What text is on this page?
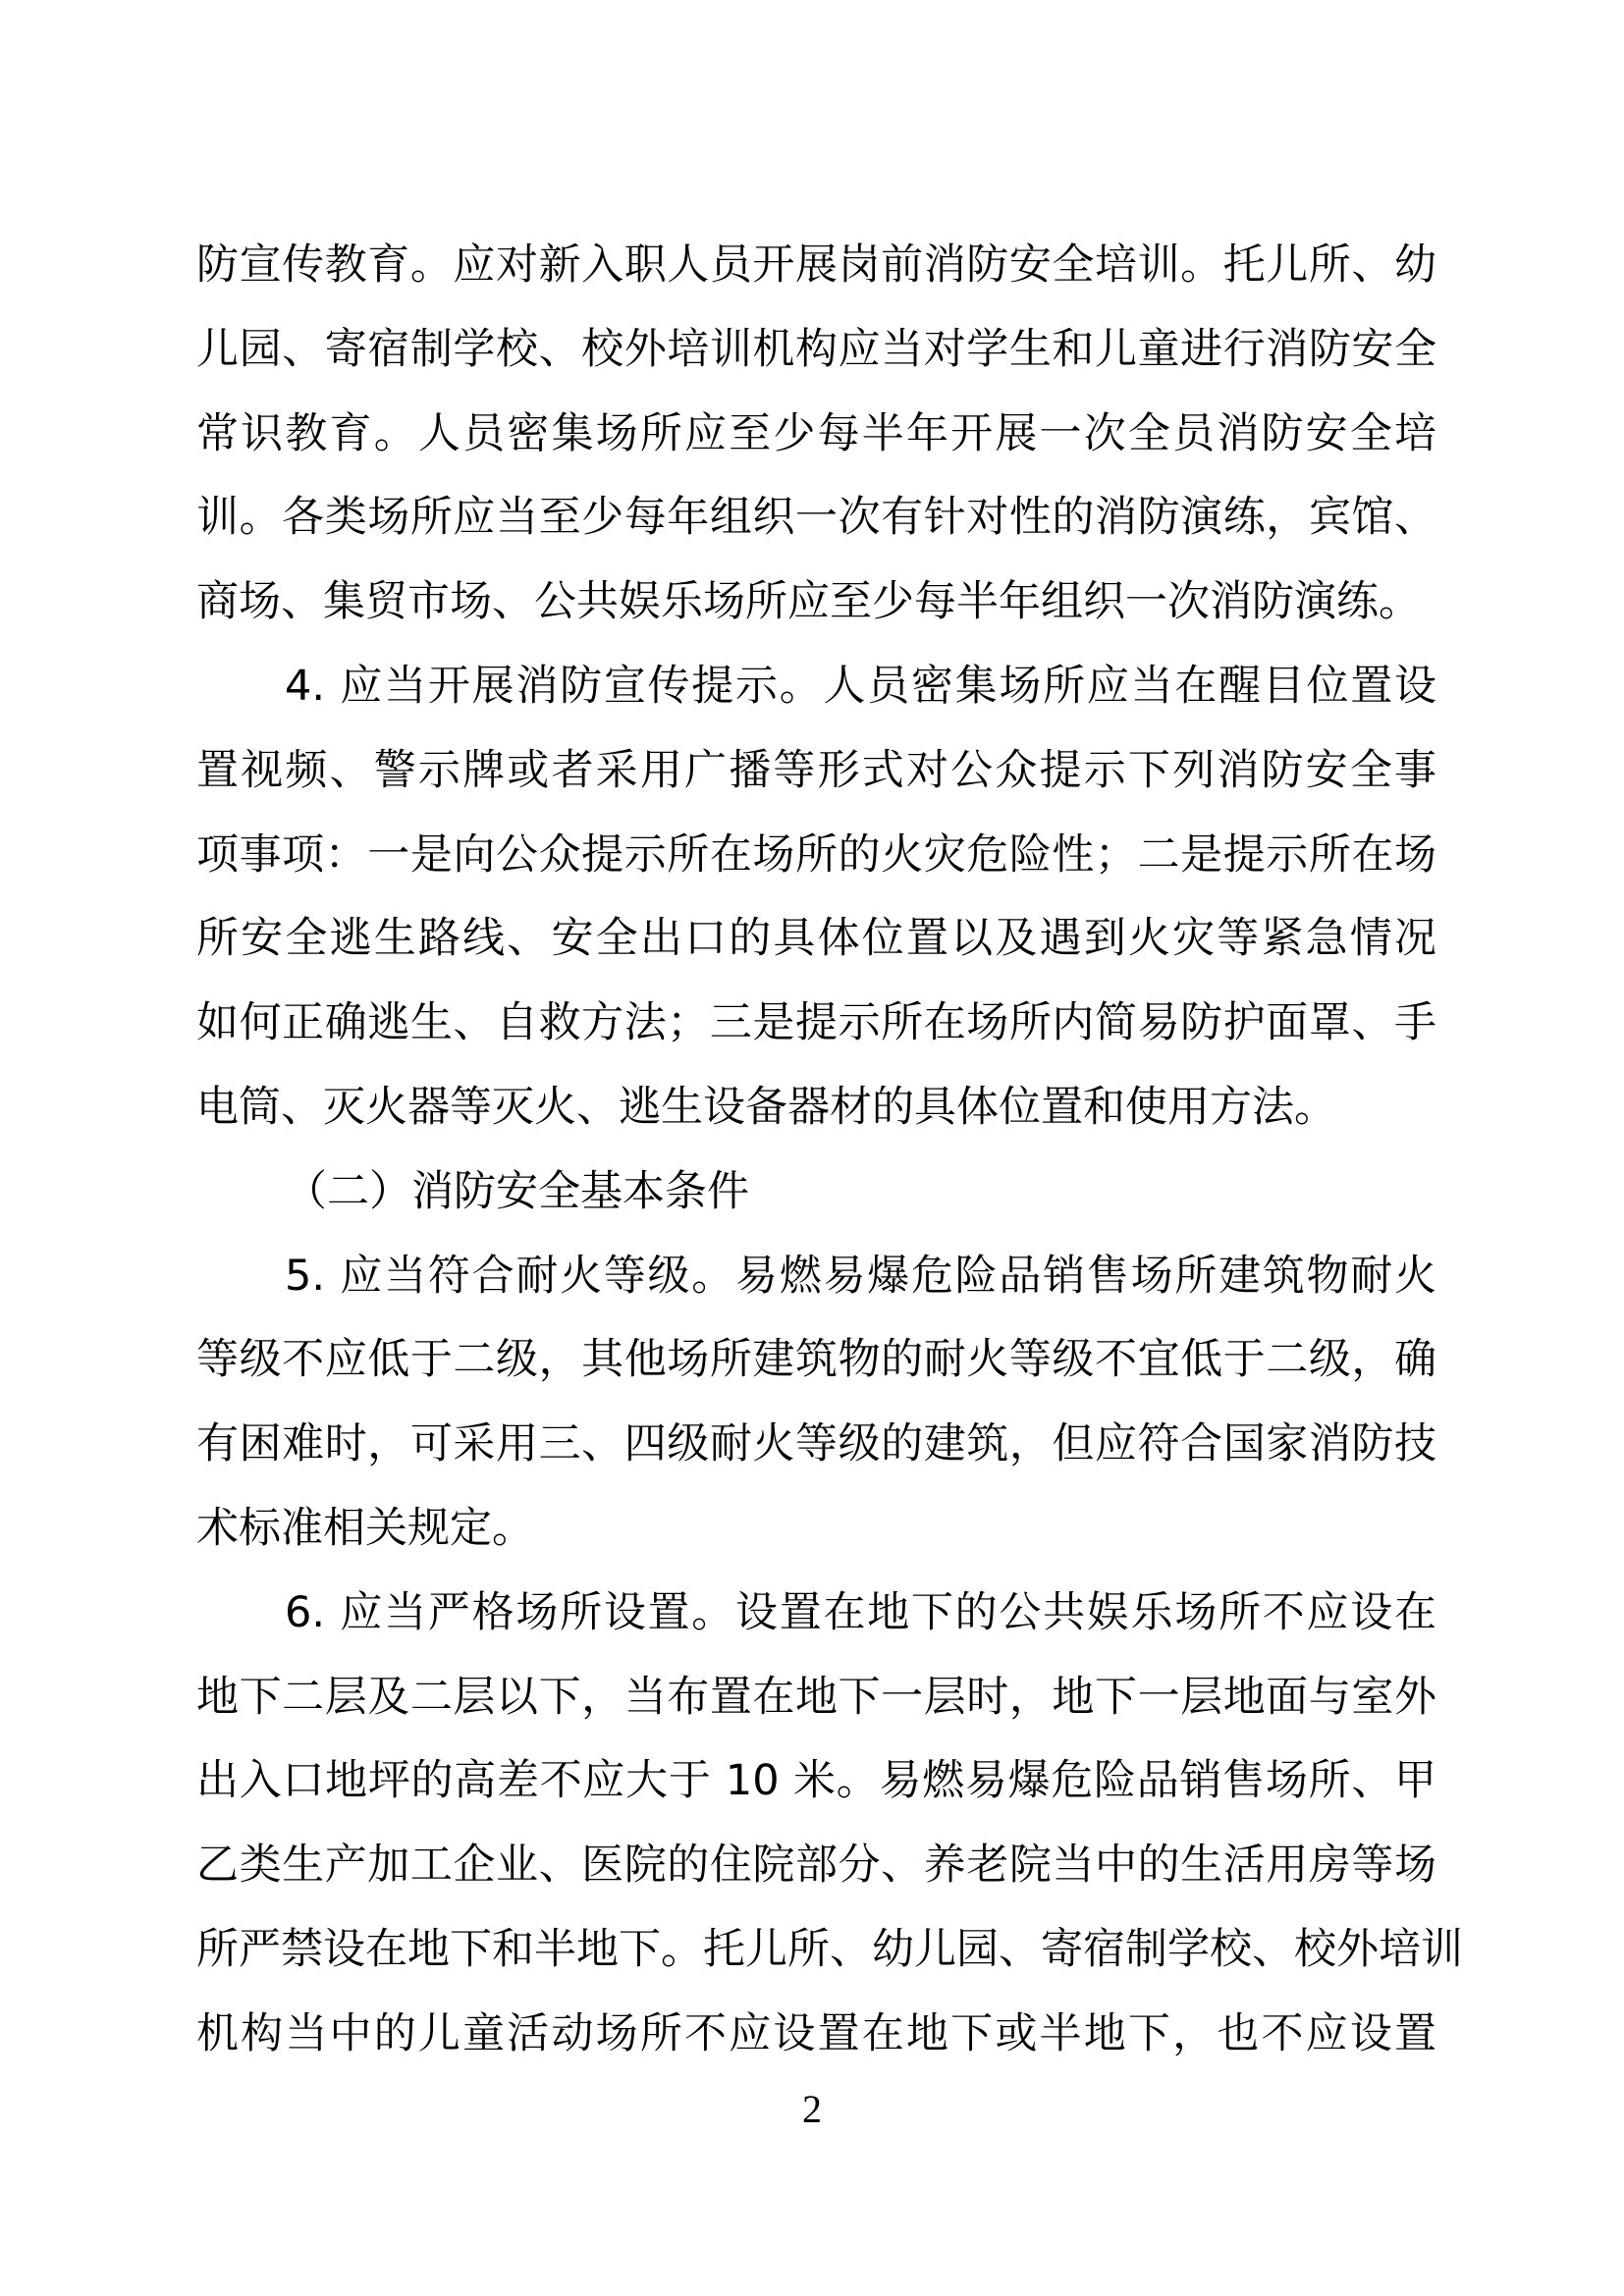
防宣传教育。应对新入职人员开展岗前消防安全培训。托儿所、幼
儿园、寄宿制学校、校外培训机构应当对学生和儿童进行消防安全
常识教育。人员密集场所应至少每半年开展一次全员消防安全培
训。各类场所应当至少每年组织一次有针对性的消防演练，宾馆、
商场、集贸市场、公共娱乐场所应至少每半年组织一次消防演练。
4. 应当开展消防宣传提示。人员密集场所应当在醒目位置设
置视频、警示牌或者采用广播等形式对公众提示下列消防安全事
项事项：一是向公众提示所在场所的火灾危险性；二是提示所在场
所安全逃生路线、安全出口的具体位置以及遇到火灾等紧急情况
如何正确逃生、自救方法；三是提示所在场所内简易防护面罩、手
电筒、灭火器等灭火、逃生设备器材的具体位置和使用方法。
（二）消防安全基本条件
5. 应当符合耐火等级。易燃易爆危险品销售场所建筑物耐火
等级不应低于二级，其他场所建筑物的耐火等级不宜低于二级，确
有困难时，可采用三、四级耐火等级的建筑，但应符合国家消防技
术标准相关规定。
6. 应当严格场所设置。设置在地下的公共娱乐场所不应设在
地下二层及二层以下，当布置在地下一层时，地下一层地面与室外
出入口地坪的高差不应大于 10 米。易燃易爆危险品销售场所、甲
乙类生产加工企业、医院的住院部分、养老院当中的生活用房等场
所严禁设在地下和半地下。托儿所、幼儿园、寄宿制学校、校外培训
机构当中的儿童活动场所不应设置在地下或半地下，也不应设置
2
